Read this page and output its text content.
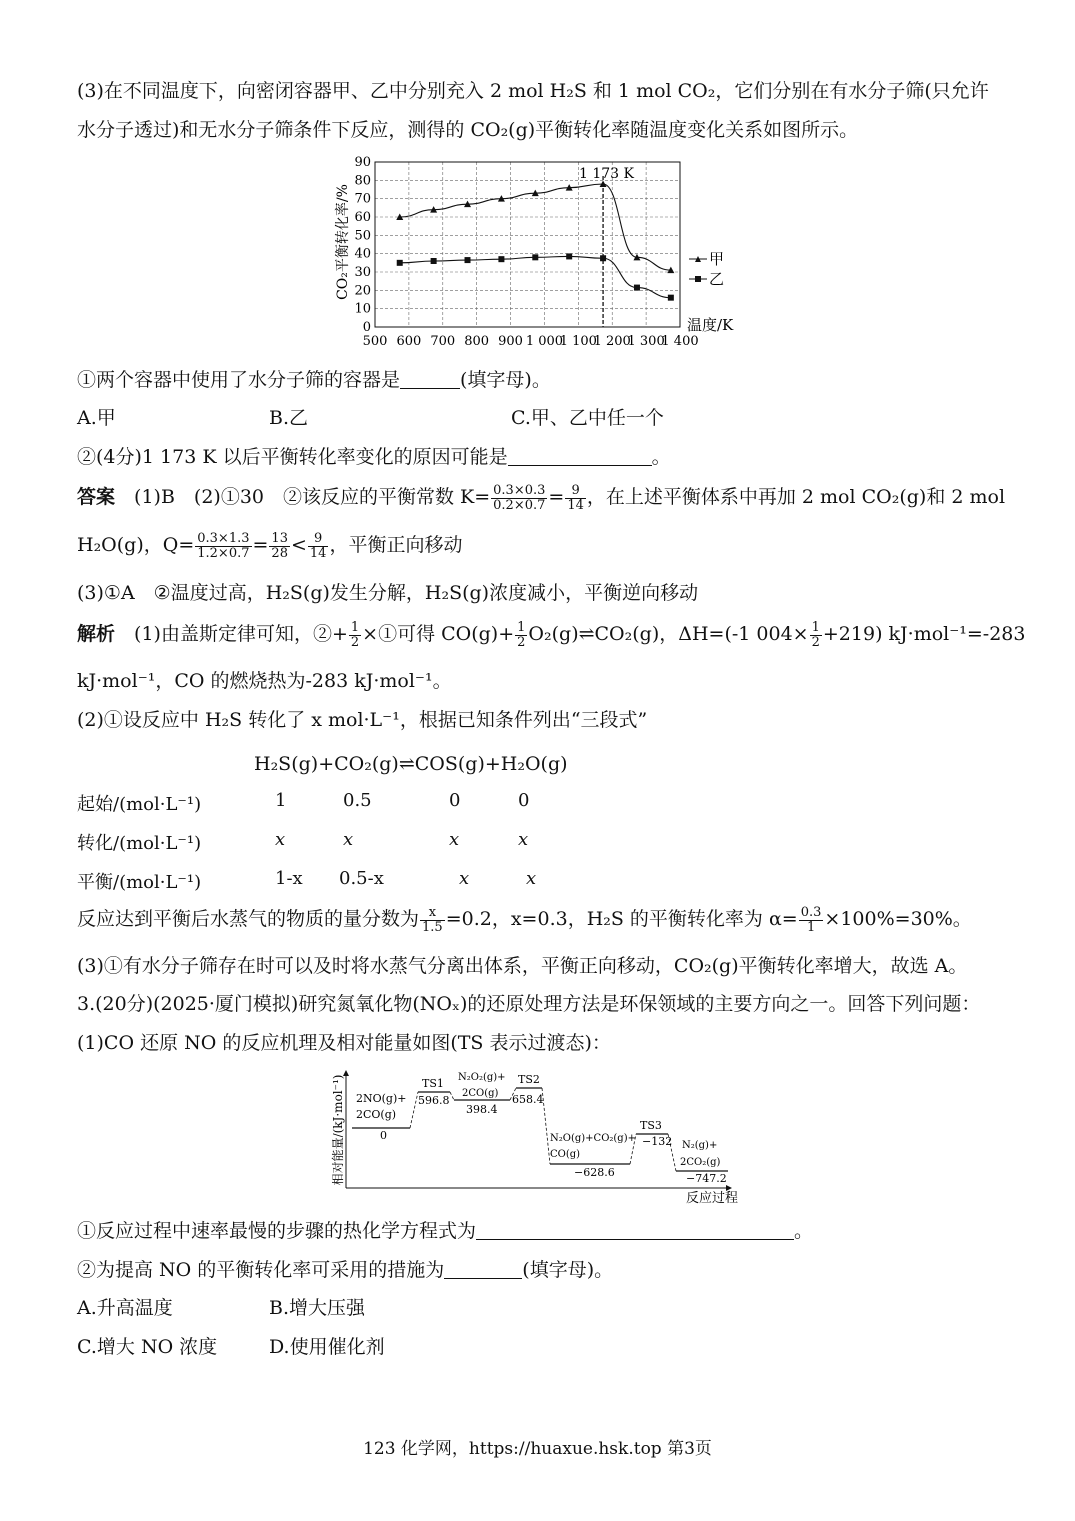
(3)在不同温度下，向密闭容器甲、乙中分别充入 2 mol H₂S 和 1 mol CO₂，它们分别在有水分子筛(只允许
水分子透过)和无水分子筛条件下反应，测得的 CO₂(g)平衡转化率随温度变化关系如图所示。
0
10
20
30
40
50
60
70
80
90
500 600 700 800 900 1 000
1 100
1 200
1 300
1 400
CO₂平衡转化率/%
温度/K
1 173 K
甲
乙
①两个容器中使用了水分子筛的容器是	(填字母)。
A.甲	B.乙	C.甲、乙中任一个
②(4分)1 173 K 以后平衡转化率变化的原因可能是	。
答案　 (1)B　(2)①30　②该反应的平衡常数 $K= \frac{0.3\times 0.3}{0.2\times 0.7} = \frac{9}{14}$ ，在上述平衡体系中再加 2 mol CO₂(g)和 2 mol
H₂O(g)，$Q= \frac{0.3\times 1.3}{1.2\times 0.7} = \frac{13}{28} < \frac{9}{14}$ ，平衡正向移动
(3)①A　②温度过高，H₂S(g)发生分解，H₂S(g)浓度减小，平衡逆向移动
解析　 (1)由盖斯定律可知，②+ $\frac{1}{2}$ ×①可得 $CO(g)+ \frac{1}{2}$ O₂(g)⇌CO₂(g)，ΔH=(-1 $004\times \frac{1}{2} +219$) kJ·mol⁻¹=-283
kJ·mol⁻¹，CO 的燃烧热为-283 kJ·mol⁻¹。
(2)①设反应中 H₂S 转化了 x mol·L⁻¹，根据已知条件列出“三段式”
H₂S(g)+CO₂(g)⇌COS(g)+H₂O(g)
起始/(mol·L⁻¹)	1	0.5	0	0
转化/(mol·L⁻¹)	x	x	x	x
平衡/(mol·L⁻¹)	1-x 0.5-x	x	x
反应达到平衡后水蒸气的物质的量分数为 $\frac{x}{1.5} =0.2$，x=0.3，H₂S 的平衡转化率为 $\alpha= \frac{0.3}{1} \times 100\%=30\%$。
(3)①有水分子筛存在时可以及时将水蒸气分离出体系，平衡正向移动，CO₂(g)平衡转化率增大，故选 A。
3.(20分)(2025·厦门模拟)研究氮氧化物(NOₓ)的还原处理方法是环保领域的主要方向之一。回答下列问题：
(1)CO 还原 NO 的反应机理及相对能量如图(TS 表示过渡态)：
相对能量/(kJ·mol⁻¹)
反应过程
2NO(g)+
2CO(g)
0
TS1
596.8
N₂O₂(g)+
2CO(g)
398.4
TS2
658.4
N₂O(g)+CO₂(g)+
CO(g)
−628.6
TS3
−132 N₂(g)+
2CO₂(g)
−747.2
①反应过程中速率最慢的步骤的热化学方程式为	。
②为提高 NO 的平衡转化率可采用的措施为	(填字母)。
A.升高温度	B.增大压强
C.增大 NO 浓度	D.使用催化剂
123 化学网，https://huaxue.hsk.top 第3页
